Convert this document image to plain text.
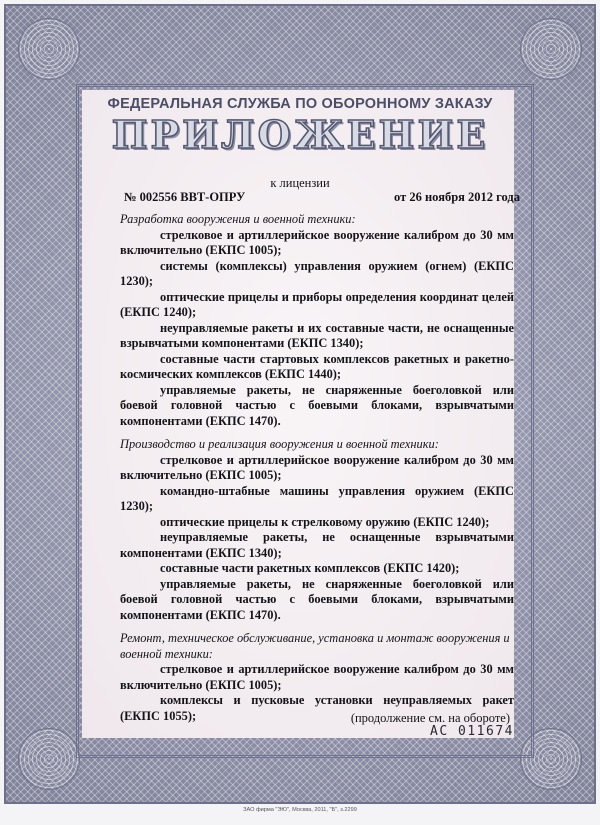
ФЕДЕРАЛЬНАЯ СЛУЖБА ПО ОБОРОННОМУ ЗАКАЗУ
ПРИЛОЖЕНИЕ
к лицензии
№ 002556 ВВТ-ОПРУ	от 26 ноября 2012 года
Разработка вооружения и военной техники:
стрелковое и артиллерийское вооружение калибром до 30 мм включительно (ЕКПС 1005);
системы (комплексы) управления оружием (огнем) (ЕКПС 1230);
оптические прицелы и приборы определения координат целей (ЕКПС 1240);
неуправляемые ракеты и их составные части, не оснащенные взрывчатыми компонентами (ЕКПС 1340);
составные части стартовых комплексов ракетных и ракетно-космических комплексов (ЕКПС 1440);
управляемые ракеты, не снаряженные боеголовкой или боевой головной частью с боевыми блоками, взрывчатыми компонентами (ЕКПС 1470).
Производство и реализация вооружения и военной техники:
стрелковое и артиллерийское вооружение калибром до 30 мм включительно (ЕКПС 1005);
командно-штабные машины управления оружием (ЕКПС 1230);
оптические прицелы к стрелковому оружию (ЕКПС 1240);
неуправляемые ракеты, не оснащенные взрывчатыми компонентами (ЕКПС 1340);
составные части ракетных комплексов (ЕКПС 1420);
управляемые ракеты, не снаряженные боеголовкой или боевой головной частью с боевыми блоками, взрывчатыми компонентами (ЕКПС 1470).
Ремонт, техническое обслуживание, установка и монтаж вооружения и военной техники:
стрелковое и артиллерийское вооружение калибром до 30 мм включительно (ЕКПС 1005);
комплексы и пусковые установки неуправляемых ракет (ЕКПС 1055);	(продолжение см. на обороте)
АС 011674
ЗАО фирма "ЭЮ", Москва, 2011, "Б", з.2299
